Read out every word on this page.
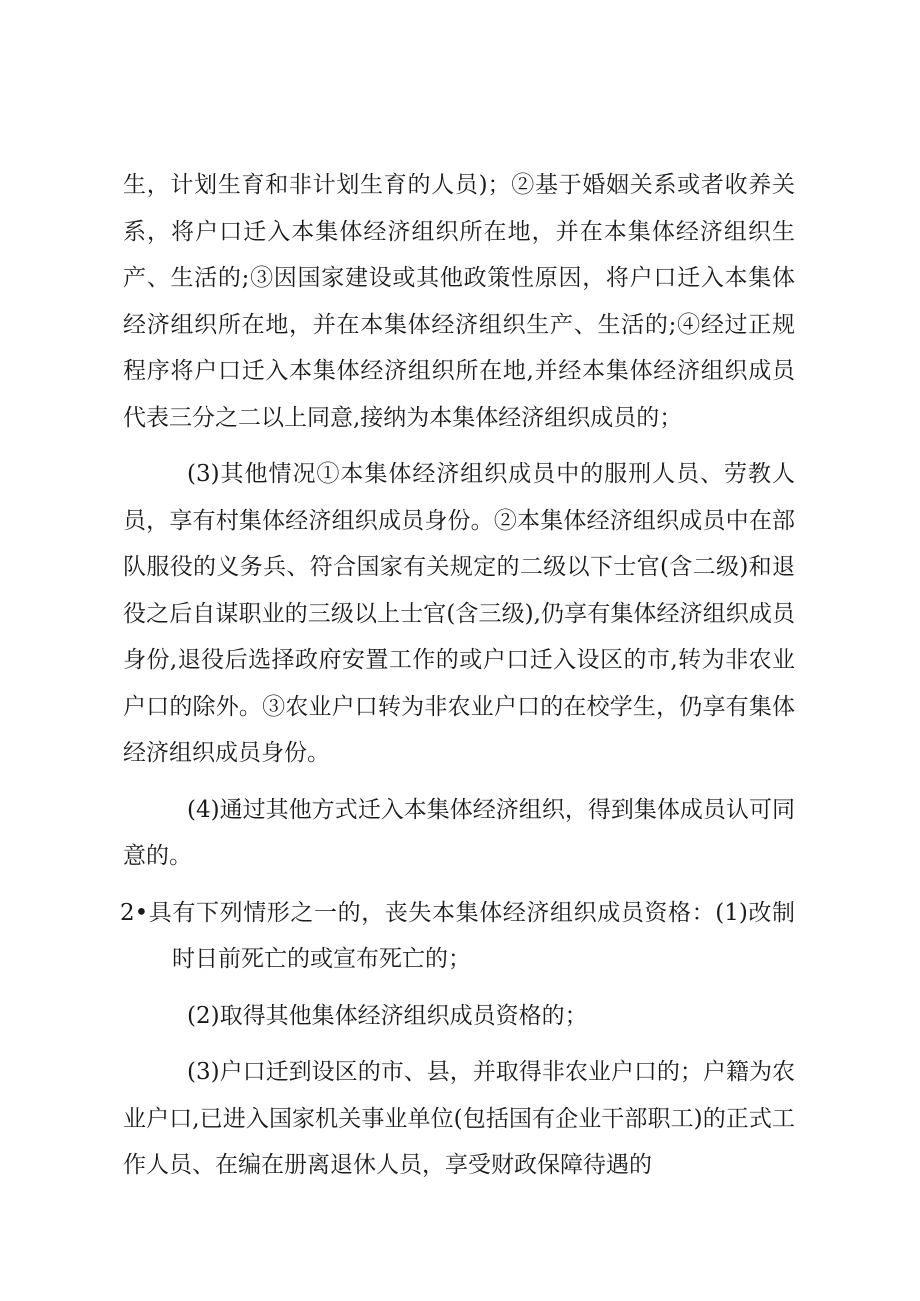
生，计划生育和非计划生育的人员)；②基于婚姻关系或者收养关系，将户口迁入本集体经济组织所在地，并在本集体经济组织生产、生活的;③因国家建设或其他政策性原因，将户口迁入本集体经济组织所在地，并在本集体经济组织生产、生活的;④经过正规程序将户口迁入本集体经济组织所在地,并经本集体经济组织成员代表三分之二以上同意,接纳为本集体经济组织成员的；

(3)其他情况①本集体经济组织成员中的服刑人员、劳教人员，享有村集体经济组织成员身份。②本集体经济组织成员中在部队服役的义务兵、符合国家有关规定的二级以下士官(含二级)和退役之后自谋职业的三级以上士官(含三级),仍享有集体经济组织成员身份,退役后选择政府安置工作的或户口迁入设区的市,转为非农业户口的除外。③农业户口转为非农业户口的在校学生，仍享有集体经济组织成员身份。

(4)通过其他方式迁入本集体经济组织，得到集体成员认可同意的。

2•具有下列情形之一的，丧失本集体经济组织成员资格：(1)改制时日前死亡的或宣布死亡的；

(2)取得其他集体经济组织成员资格的；

(3)户口迁到设区的市、县，并取得非农业户口的；户籍为农业户口,已进入国家机关事业单位(包括国有企业干部职工)的正式工作人员、在编在册离退休人员，享受财政保障待遇的
